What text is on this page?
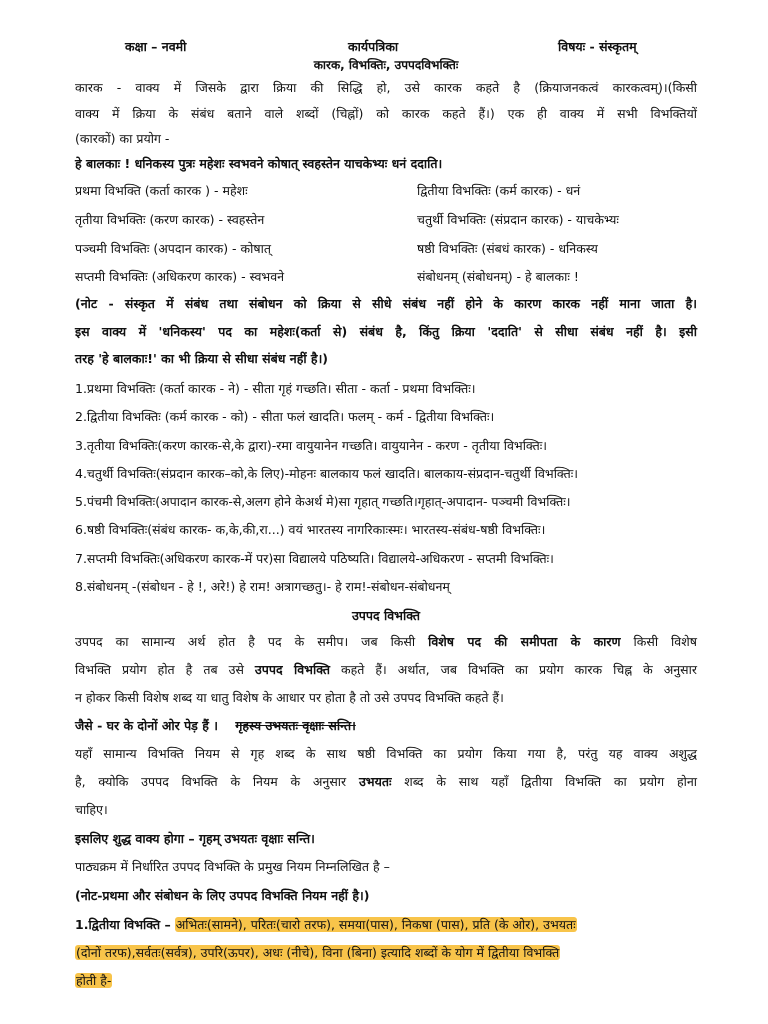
कक्षा – नवमी	कार्यपत्रिका	विषयः - संस्कृतम्
कारक, विभक्तिः, उपपदविभक्तिः
कारक - वाक्य में जिसके द्वारा क्रिया की सिद्धि हो, उसे कारक कहते है (क्रियाजनकत्वं कारकत्वम्)।(किसी
वाक्य में क्रिया के संबंध बताने वाले शब्दों (चिह्नों) को कारक कहते हैं।) एक ही वाक्य में सभी विभक्तियों
(कारकों) का प्रयोग -
हे बालकाः ! धनिकस्य पुत्रः महेशः स्वभवने कोषात् स्वहस्तेन याचकेभ्यः धनं ददाति।
प्रथमा विभक्ति (कर्ता कारक ) - महेशः	द्वितीया विभक्तिः (कर्म कारक) - धनं
तृतीया विभक्तिः (करण कारक) - स्वहस्तेन	चतुर्थी विभक्तिः (संप्रदान कारक) - याचकेभ्यः
पञ्चमी विभक्तिः (अपदान कारक) - कोषात्	षष्ठी विभक्तिः (संबधं कारक) - धनिकस्य
सप्तमी विभक्तिः (अधिकरण कारक) - स्वभवने	संबोधनम् (संबोधनम्) - हे बालकाः !
(नोट - संस्कृत में संबंध तथा संबोधन को क्रिया से सीधे संबंध नहीं होने के कारण कारक नहीं माना जाता है।
इस वाक्य में 'धनिकस्य' पद का महेशः(कर्ता से) संबंध है, किंतु क्रिया 'ददाति' से सीधा संबंध नहीं है। इसी
तरह 'हे बालकाः!' का भी क्रिया से सीधा संबंध नहीं है।)
1.प्रथमा विभक्तिः (कर्ता कारक - ने) - सीता गृहं गच्छति। सीता - कर्ता - प्रथमा विभक्तिः।
2.द्वितीया विभक्तिः (कर्म कारक - को) - सीता फलं खादति। फलम् - कर्म - द्वितीया विभक्तिः।
3.तृतीया विभक्तिः(करण कारक-से,के द्वारा)-रमा वायुयानेन गच्छति। वायुयानेन - करण - तृतीया विभक्तिः।
4.चतुर्थी विभक्तिः(संप्रदान कारक–को,के लिए)-मोहनः बालकाय फलं खादति। बालकाय-संप्रदान-चतुर्थी विभक्तिः।
5.पंचमी विभक्तिः(अपादान कारक-से,अलग होने केअर्थ मे)सा गृहात् गच्छति।गृहात्-अपादान- पञ्चमी विभक्तिः।
6.षष्ठी विभक्तिः(संबंध कारक- क,के,की,रा...) वयं भारतस्य नागरिकाःस्मः। भारतस्य-संबंध-षष्ठी विभक्तिः।
7.सप्तमी विभक्तिः(अधिकरण कारक-में पर)सा विद्यालये पठिष्यति। विद्यालये-अधिकरण - सप्तमी विभक्तिः।
8.संबोधनम् -(संबोधन - हे !, अरे!) हे राम! अत्रागच्छतु।- हे राम!-संबोधन-संबोधनम्
उपपद विभक्ति
उपपद का सामान्य अर्थ होत है पद के समीप। जब किसी विशेष पद की समीपता के कारण किसी विशेष
विभक्ति प्रयोग होत है तब उसे उपपद विभक्ति कहते हैं। अर्थात, जब विभक्ति का प्रयोग कारक चिह्न के अनुसार
न होकर किसी विशेष शब्द या धातु विशेष के आधार पर होता है तो उसे उपपद विभक्ति कहते हैं।
जैसे - घर के दोनों ओर पेड़ हैं । गृहस्य उभयतः वृक्षाः सन्ति।
यहाँ सामान्य विभक्ति नियम से गृह शब्द के साथ षष्ठी विभक्ति का प्रयोग किया गया है, परंतु यह वाक्य अशुद्ध
है, क्योकि उपपद विभक्ति के नियम के अनुसार उभयतः शब्द के साथ यहाँ द्वितीया विभक्ति का प्रयोग होना
चाहिए।
इसलिए शुद्ध वाक्य होगा – गृहम् उभयतः वृक्षाः सन्ति।
पाठ्यक्रम में निर्धारित उपपद विभक्ति के प्रमुख नियम निम्नलिखित है –
(नोट-प्रथमा और संबोधन के लिए उपपद विभक्ति नियम नहीं है।)
1.द्वितीया विभक्ति – अभितः(सामने), परितः(चारो तरफ), समया(पास), निकषा (पास), प्रति (के ओर), उभयतः
(दोनों तरफ),सर्वतः(सर्वत्र), उपरि(ऊपर), अधः (नीचे), विना (बिना) इत्यादि शब्दों के योग में द्वितीया विभक्ति
होती है-
